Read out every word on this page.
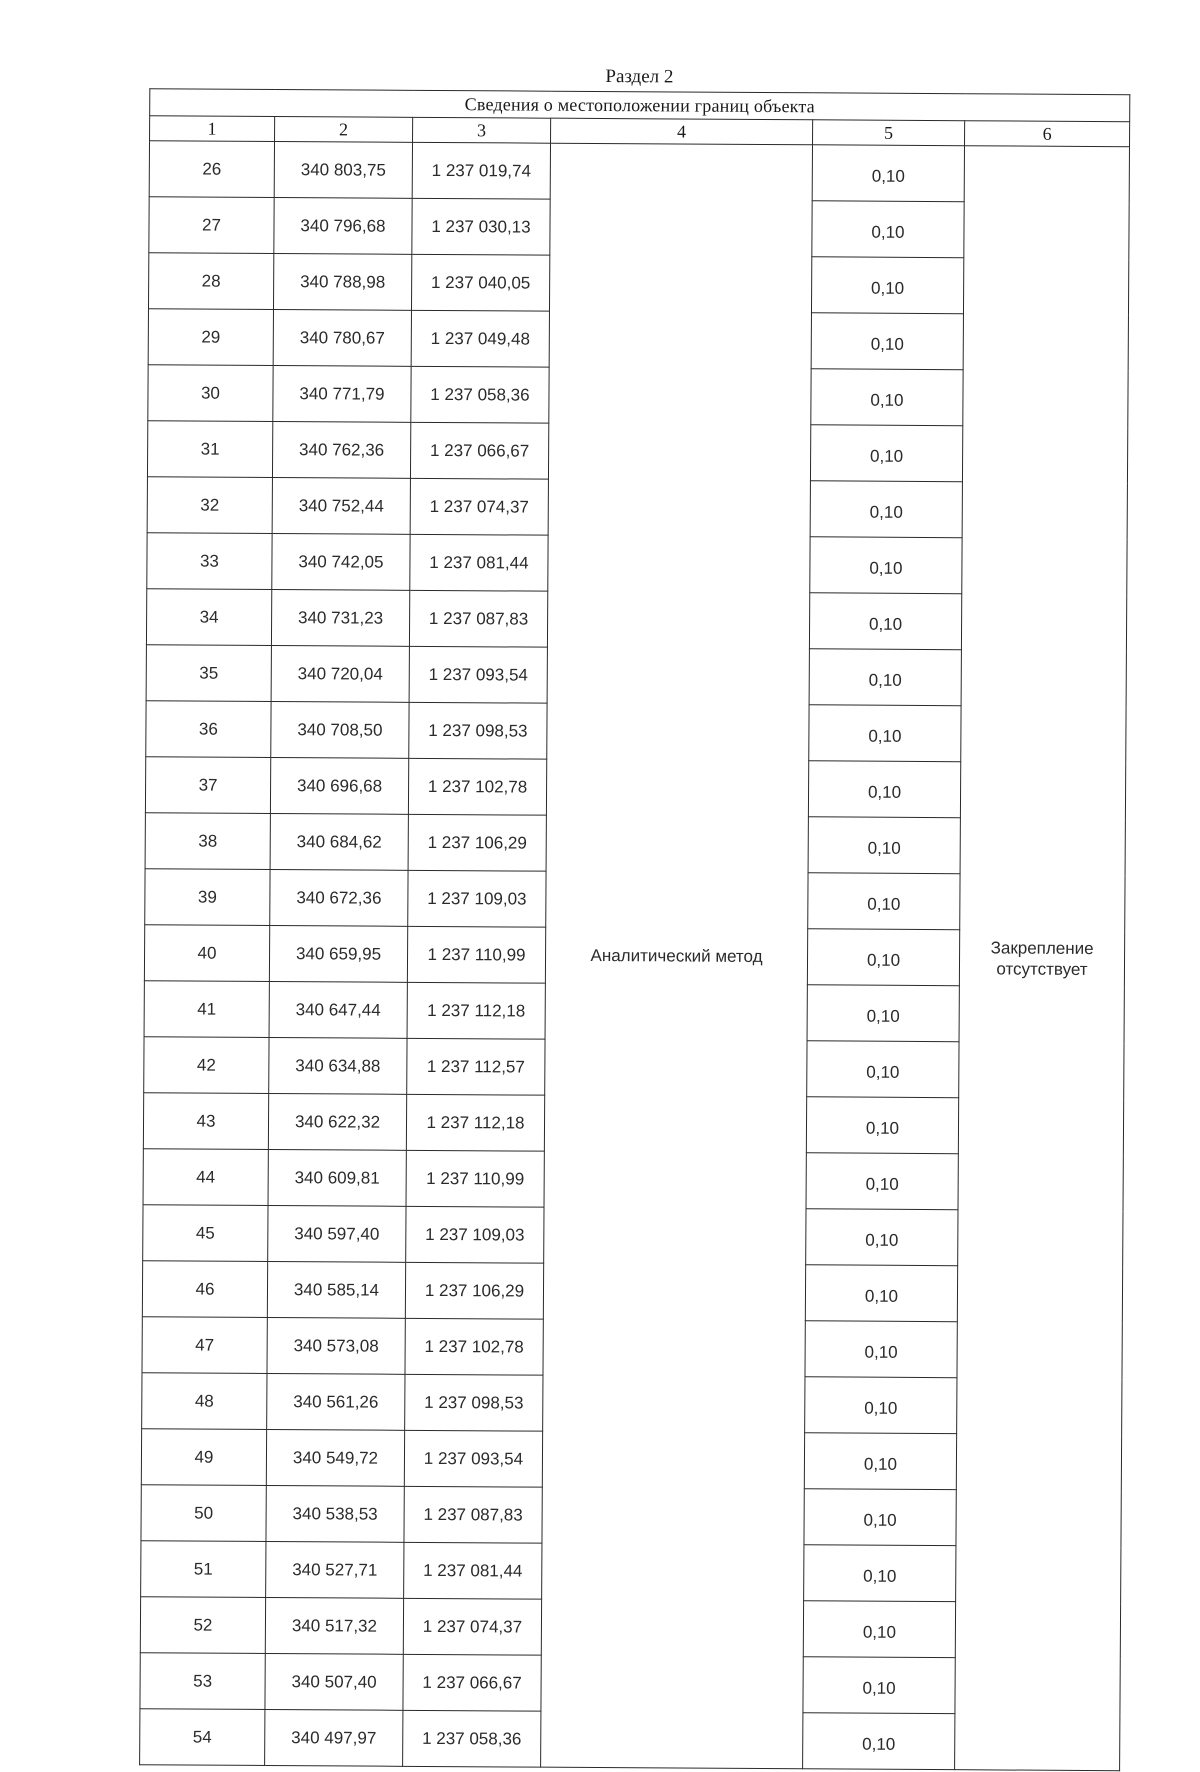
Раздел 2
Сведения о местоположении границ объекта					
1	2	3	4	5	6
26	340 803,75	1 237 019,74	Аналитический метод	0,10	Закрепление отсутствует
27	340 796,68	1 237 030,13		0,10	
28	340 788,98	1 237 040,05		0,10	
29	340 780,67	1 237 049,48		0,10	
30	340 771,79	1 237 058,36		0,10	
31	340 762,36	1 237 066,67		0,10	
32	340 752,44	1 237 074,37		0,10	
33	340 742,05	1 237 081,44		0,10	
34	340 731,23	1 237 087,83		0,10	
35	340 720,04	1 237 093,54		0,10	
36	340 708,50	1 237 098,53		0,10	
37	340 696,68	1 237 102,78		0,10	
38	340 684,62	1 237 106,29		0,10	
39	340 672,36	1 237 109,03		0,10	
40	340 659,95	1 237 110,99		0,10	
41	340 647,44	1 237 112,18		0,10	
42	340 634,88	1 237 112,57		0,10	
43	340 622,32	1 237 112,18		0,10	
44	340 609,81	1 237 110,99		0,10	
45	340 597,40	1 237 109,03		0,10	
46	340 585,14	1 237 106,29		0,10	
47	340 573,08	1 237 102,78		0,10	
48	340 561,26	1 237 098,53		0,10	
49	340 549,72	1 237 093,54		0,10	
50	340 538,53	1 237 087,83		0,10	
51	340 527,71	1 237 081,44		0,10	
52	340 517,32	1 237 074,37		0,10	
53	340 507,40	1 237 066,67		0,10	
54	340 497,97	1 237 058,36		0,10	
